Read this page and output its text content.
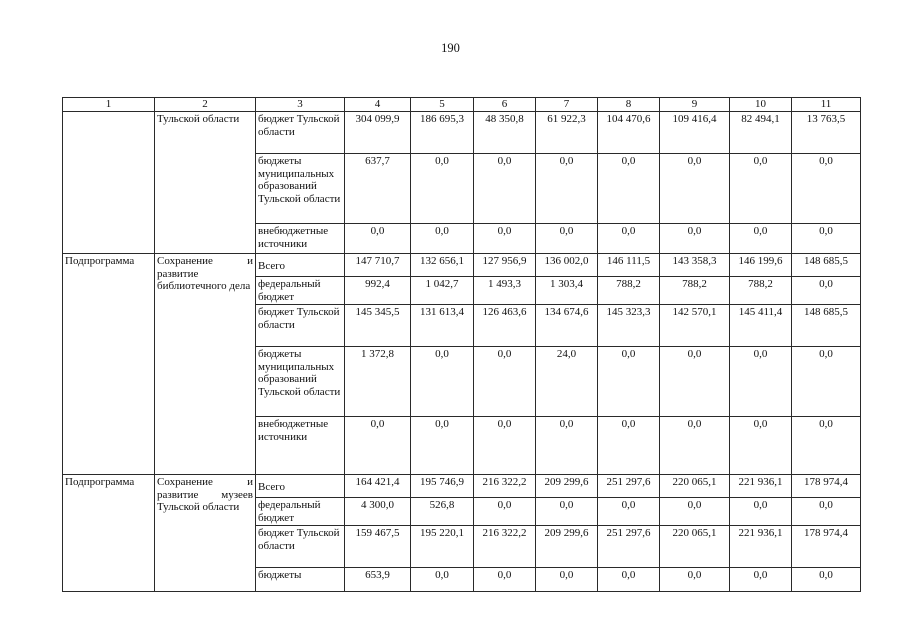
190
1	2	3	4	5	6	7	8	9	10	11
	Тульской области	бюджет Тульской области	304 099,9	186 695,3	48 350,8	61 922,3	104 470,6	109 416,4	82 494,1	13 763,5
		бюджеты муниципальных образований Тульской области	637,7	0,0	0,0	0,0	0,0	0,0	0,0	0,0
		внебюджетные источники	0,0	0,0	0,0	0,0	0,0	0,0	0,0	0,0
Подпрограмма	Сохранение и развитие библиотечного дела	Всего	147 710,7	132 656,1	127 956,9	136 002,0	146 111,5	143 358,3	146 199,6	148 685,5
		федеральный бюджет	992,4	1 042,7	1 493,3	1 303,4	788,2	788,2	788,2	0,0
		бюджет Тульской области	145 345,5	131 613,4	126 463,6	134 674,6	145 323,3	142 570,1	145 411,4	148 685,5
		бюджеты муниципальных образований Тульской области	1 372,8	0,0	0,0	24,0	0,0	0,0	0,0	0,0
		внебюджетные источники	0,0	0,0	0,0	0,0	0,0	0,0	0,0	0,0
Подпрограмма	Сохранение и развитие музеев Тульской области	Всего	164 421,4	195 746,9	216 322,2	209 299,6	251 297,6	220 065,1	221 936,1	178 974,4
		федеральный бюджет	4 300,0	526,8	0,0	0,0	0,0	0,0	0,0	0,0
		бюджет Тульской области	159 467,5	195 220,1	216 322,2	209 299,6	251 297,6	220 065,1	221 936,1	178 974,4
		бюджеты	653,9	0,0	0,0	0,0	0,0	0,0	0,0	0,0
